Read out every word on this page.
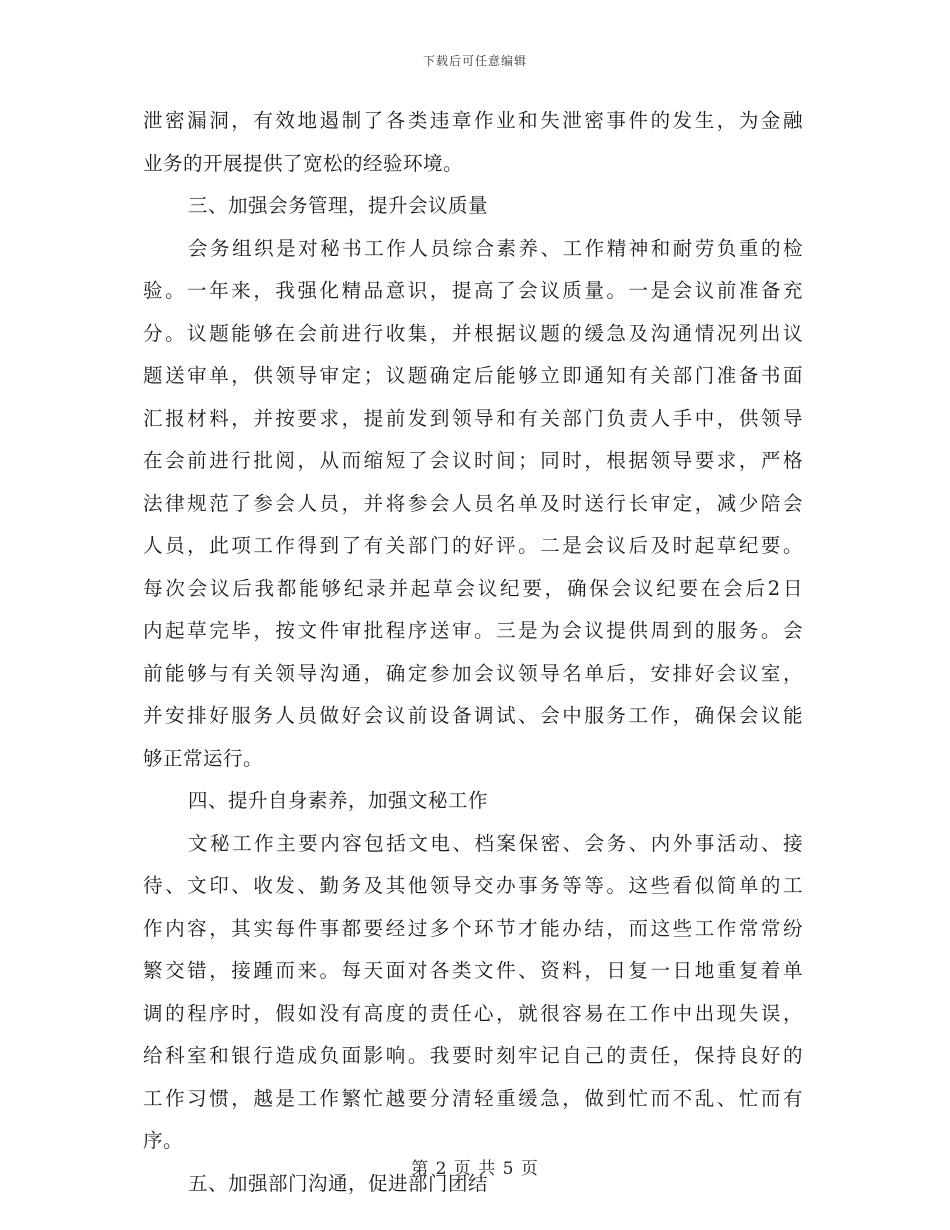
下载后可任意编辑
泄密漏洞，有效地遏制了各类违章作业和失泄密事件的发生，为金融
业务的开展提供了宽松的经验环境。
三、加强会务管理，提升会议质量
会务组织是对秘书工作人员综合素养、工作精神和耐劳负重的检
验。一年来，我强化精品意识，提高了会议质量。一是会议前准备充
分。议题能够在会前进行收集，并根据议题的缓急及沟通情况列出议
题送审单，供领导审定；议题确定后能够立即通知有关部门准备书面
汇报材料，并按要求，提前发到领导和有关部门负责人手中，供领导
在会前进行批阅，从而缩短了会议时间；同时，根据领导要求，严格
法律规范了参会人员，并将参会人员名单及时送行长审定，减少陪会
人员，此项工作得到了有关部门的好评。二是会议后及时起草纪要。
每次会议后我都能够纪录并起草会议纪要，确保会议纪要在会后2日
内起草完毕，按文件审批程序送审。三是为会议提供周到的服务。会
前能够与有关领导沟通，确定参加会议领导名单后，安排好会议室，
并安排好服务人员做好会议前设备调试、会中服务工作，确保会议能
够正常运行。
四、提升自身素养，加强文秘工作
文秘工作主要内容包括文电、档案保密、会务、内外事活动、接
待、文印、收发、勤务及其他领导交办事务等等。这些看似简单的工
作内容，其实每件事都要经过多个环节才能办结，而这些工作常常纷
繁交错，接踵而来。每天面对各类文件、资料，日复一日地重复着单
调的程序时，假如没有高度的责任心，就很容易在工作中出现失误，
给科室和银行造成负面影响。我要时刻牢记自己的责任，保持良好的
工作习惯，越是工作繁忙越要分清轻重缓急，做到忙而不乱、忙而有
序。
五、加强部门沟通，促进部门团结
第 2 页 共 5 页
